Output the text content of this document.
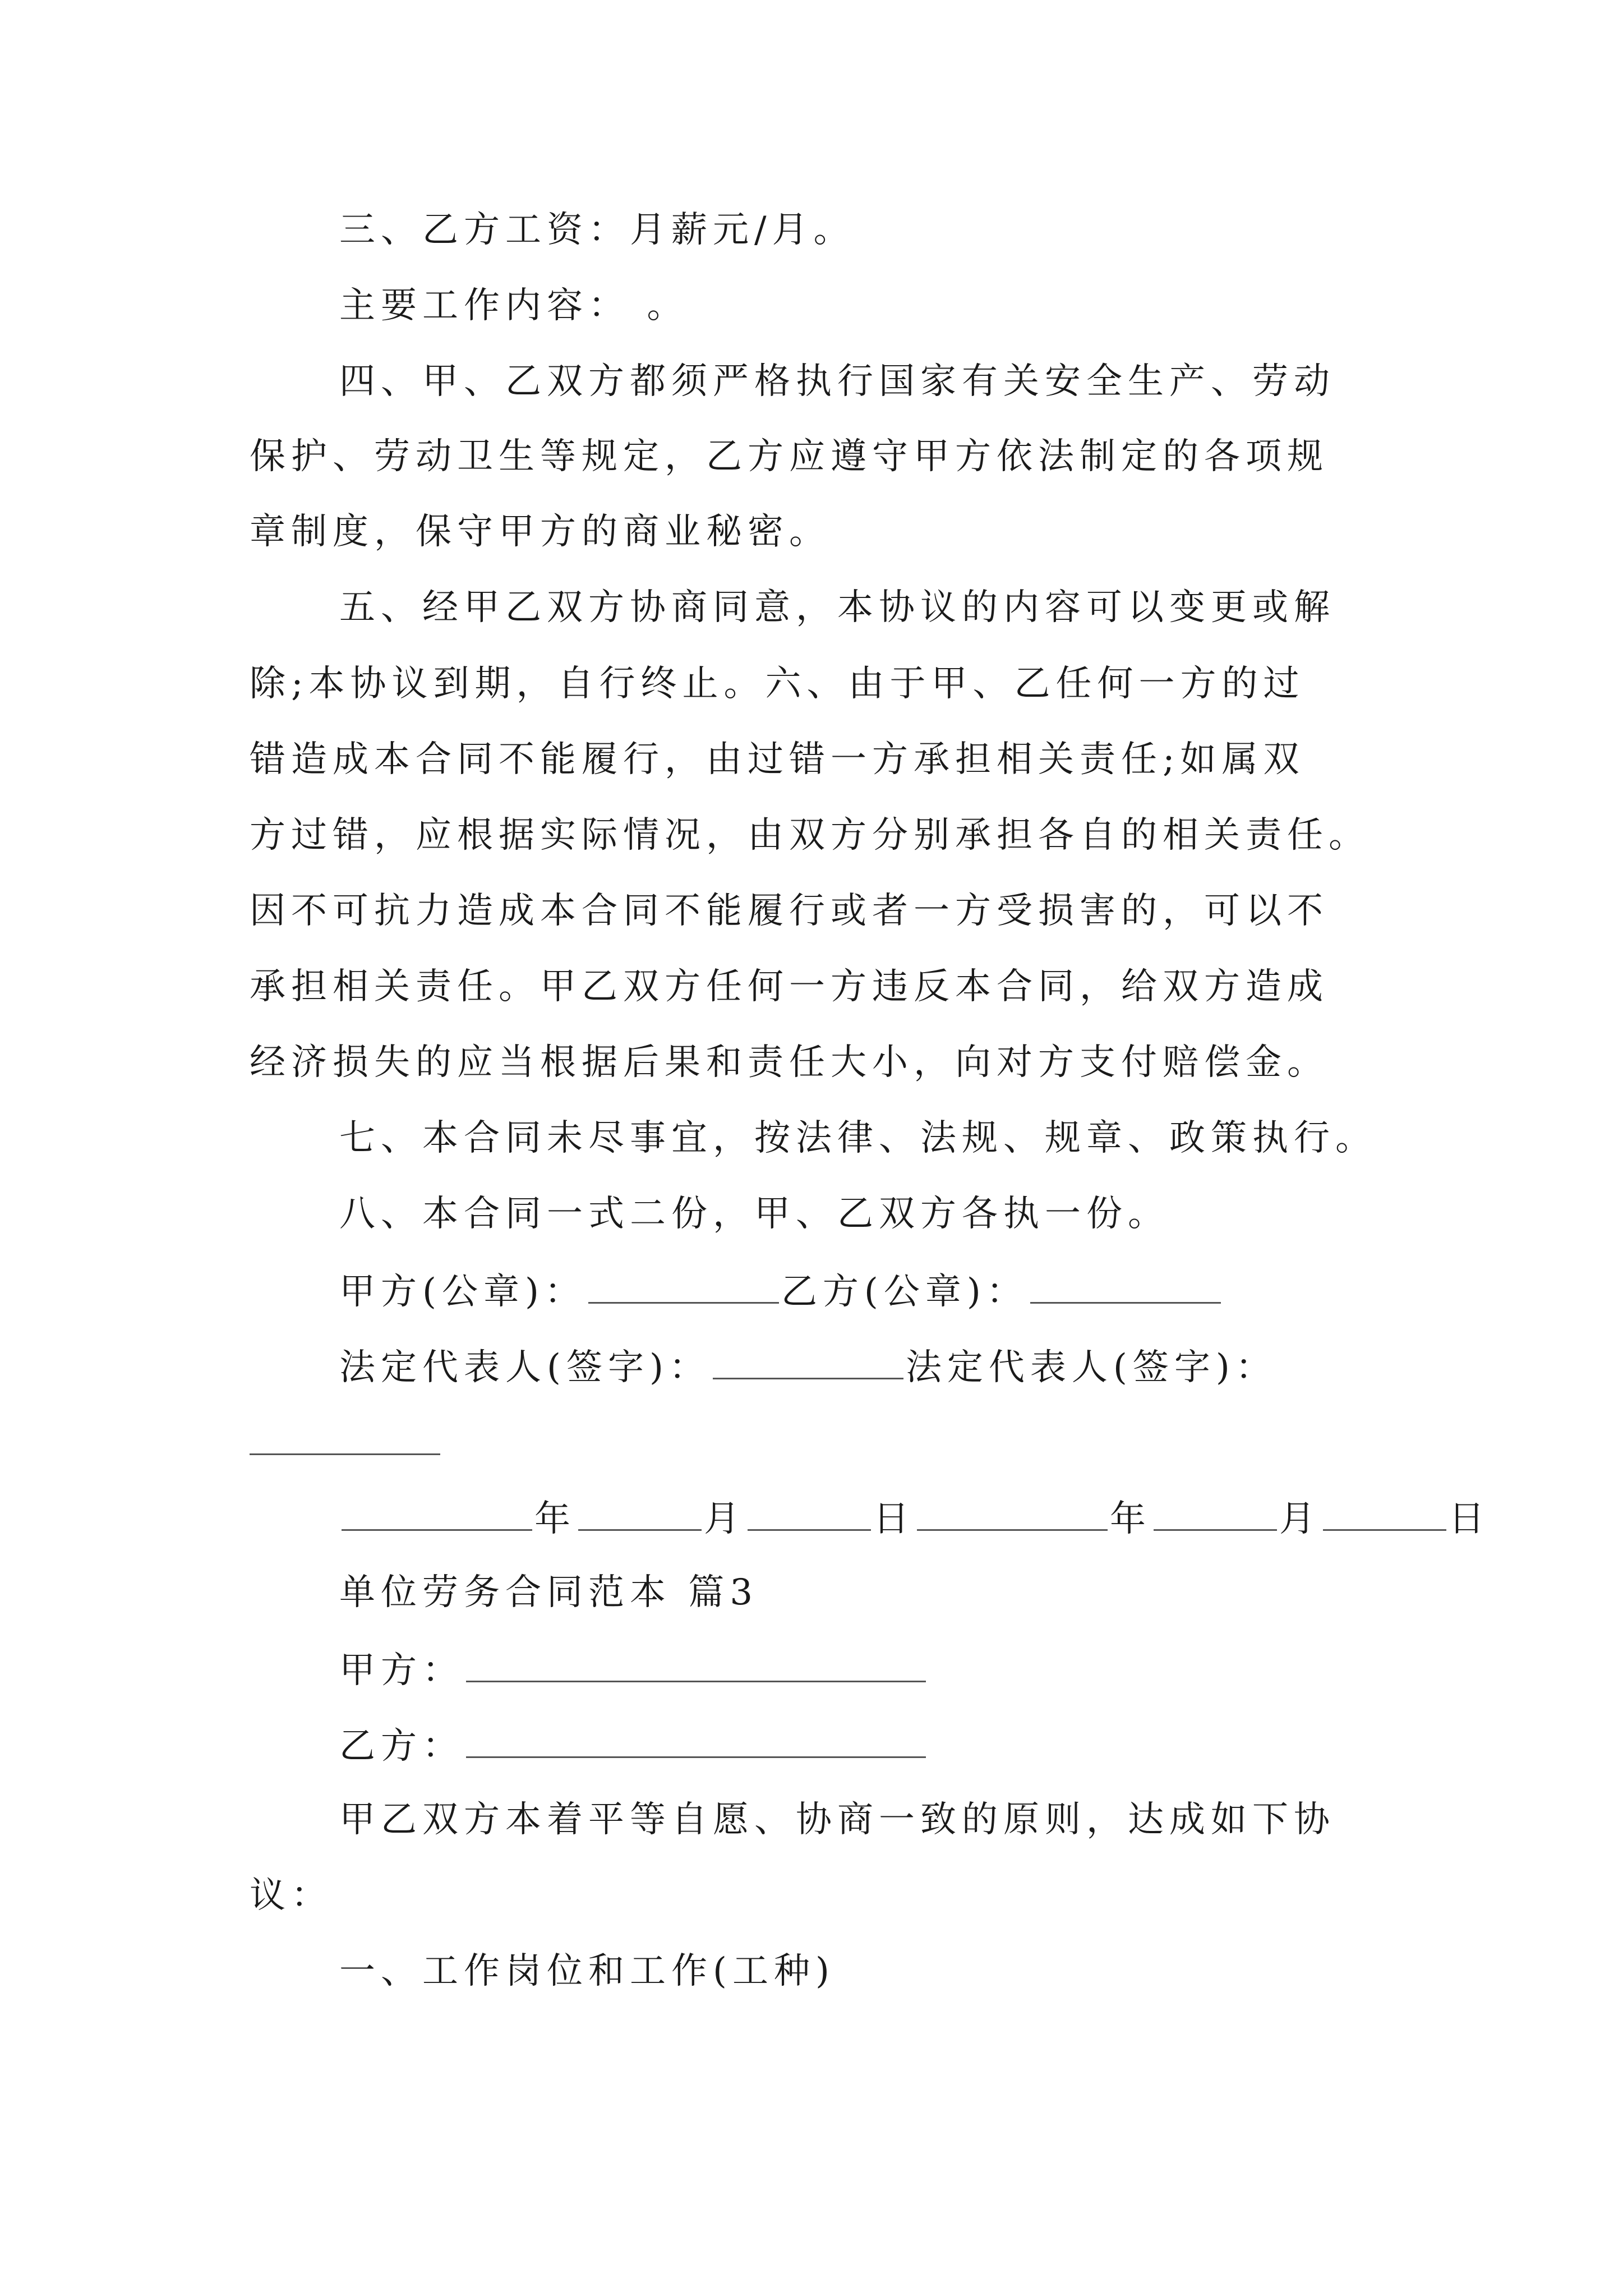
三、乙方工资：月薪元/月。
主要工作内容： 。
四、甲、乙双方都须严格执行国家有关安全生产、劳动
保护、劳动卫生等规定，乙方应遵守甲方依法制定的各项规
章制度，保守甲方的商业秘密。
五、经甲乙双方协商同意，本协议的内容可以变更或解
除;本协议到期，自行终止。六、由于甲、乙任何一方的过
错造成本合同不能履行，由过错一方承担相关责任;如属双
方过错，应根据实际情况，由双方分别承担各自的相关责任。
因不可抗力造成本合同不能履行或者一方受损害的，可以不
承担相关责任。甲乙双方任何一方违反本合同，给双方造成
经济损失的应当根据后果和责任大小，向对方支付赔偿金。
七、本合同未尽事宜，按法律、法规、规章、政策执行。
八、本合同一式二份，甲、乙双方各执一份。
甲方(公章)：	乙方(公章)：
法定代表人(签字)：	法定代表人(签字)：
年	月	日	年	月	日
单位劳务合同范本 篇3
甲方：
乙方：
甲乙双方本着平等自愿、协商一致的原则，达成如下协
议：
一、工作岗位和工作(工种)
